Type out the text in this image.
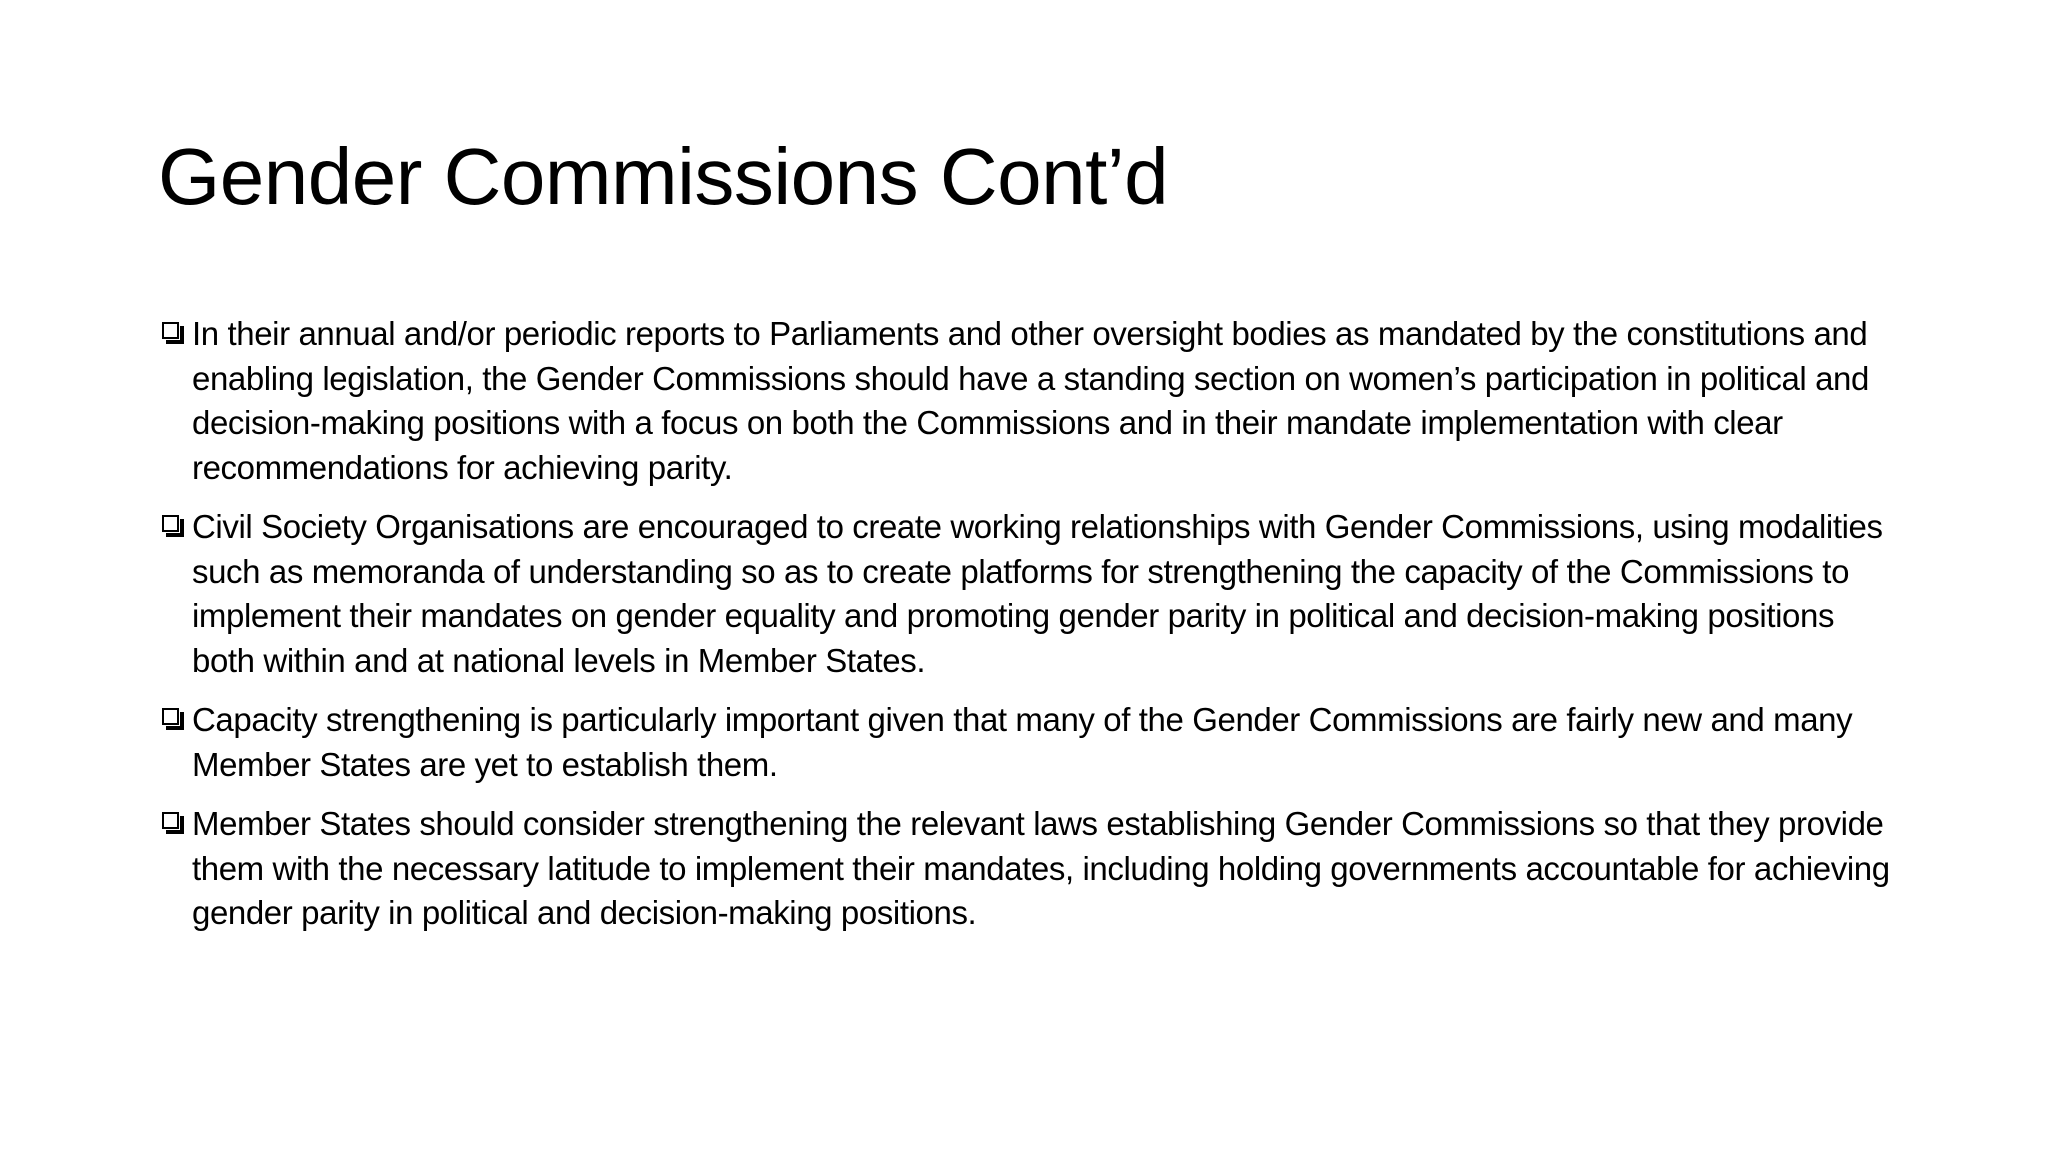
Gender Commissions Cont’d
In their annual and/or periodic reports to Parliaments and other oversight bodies as mandated by the constitutions and enabling legislation, the Gender Commissions should have a standing section on women’s participation in political and decision-making positions with a focus on both the Commissions and in their mandate implementation with clear recommendations for achieving parity.
Civil Society Organisations are encouraged to create working relationships with Gender Commissions, using modalities such as memoranda of understanding so as to create platforms for strengthening the capacity of the Commissions to implement their mandates on gender equality and promoting gender parity in political and decision-making positions both within and at national levels in Member States.
Capacity strengthening is particularly important given that many of the Gender Commissions are fairly new and many Member States are yet to establish them.
Member States should consider strengthening the relevant laws establishing Gender Commissions so that they provide them with the necessary latitude to implement their mandates, including holding governments accountable for achieving gender parity in political and decision-making positions.
